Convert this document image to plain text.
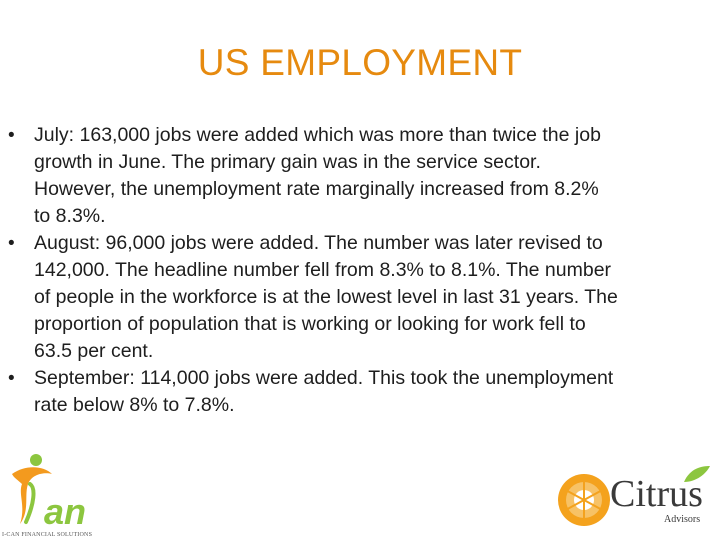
US EMPLOYMENT
• July: 163,000 jobs were added which was more than twice the job
growth in June. The primary gain was in the service sector.
However, the unemployment rate marginally increased from 8.2%
to 8.3%.
• August: 96,000 jobs were added. The number was later revised to
142,000. The headline number fell from 8.3% to 8.1%. The number
of people in the workforce is at the lowest level in last 31 years. The
proportion of population that is working or looking for work fell to
63.5 per cent.
• September: 114,000 jobs were added. This took the unemployment
rate below 8% to 7.8%.
an
I-CAN FINANCIAL SOLUTIONS
Citrus
Advisors
